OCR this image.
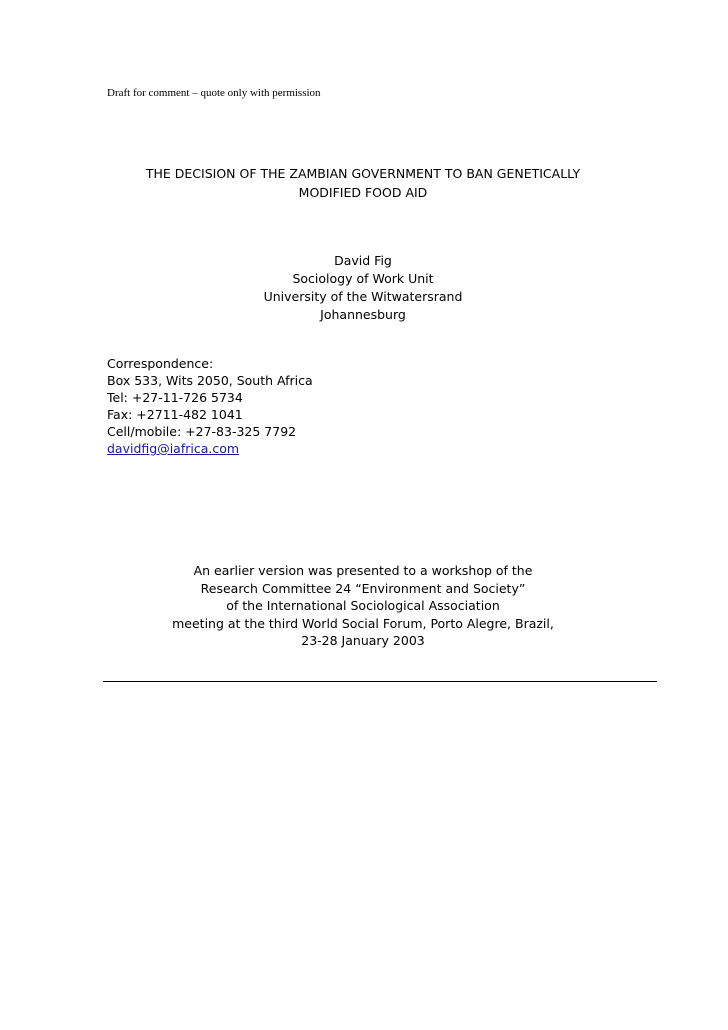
Draft for comment – quote only with permission
THE DECISION OF THE ZAMBIAN GOVERNMENT TO BAN GENETICALLY
MODIFIED FOOD AID
David Fig
Sociology of Work Unit
University of the Witwatersrand
Johannesburg
Correspondence:
Box 533, Wits 2050, South Africa
Tel: +27-11-726 5734
Fax: +2711-482 1041
Cell/mobile: +27-83-325 7792
davidfig@iafrica.com
An earlier version was presented to a workshop of the
Research Committee 24 “Environment and Society”
of the International Sociological Association
meeting at the third World Social Forum, Porto Alegre, Brazil,
23-28 January 2003
